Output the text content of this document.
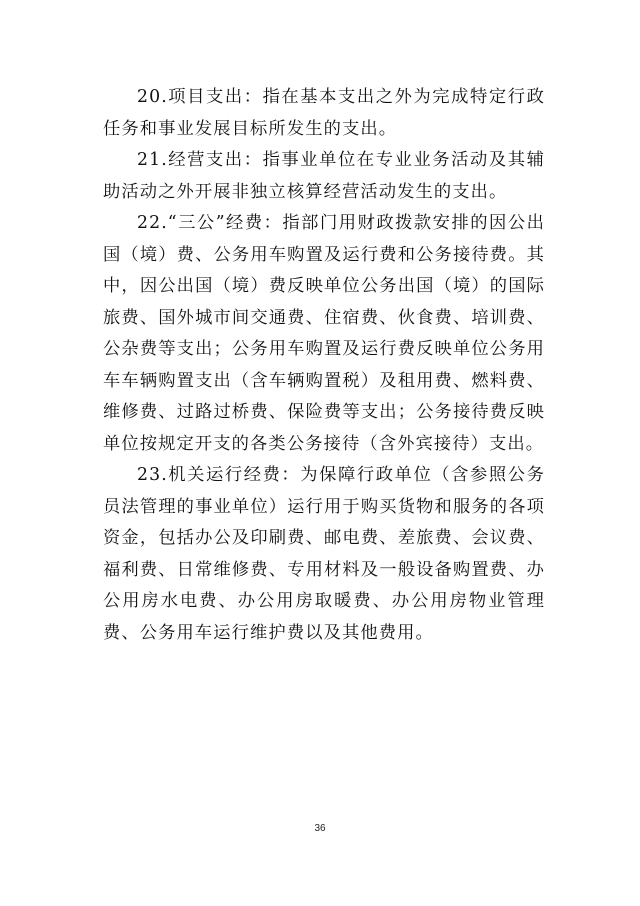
20.项目支出：指在基本支出之外为完成特定行政任务和事业发展目标所发生的支出。

21.经营支出：指事业单位在专业业务活动及其辅助活动之外开展非独立核算经营活动发生的支出。

22.“三公”经费：指部门用财政拨款安排的因公出国（境）费、公务用车购置及运行费和公务接待费。其中，因公出国（境）费反映单位公务出国（境）的国际旅费、国外城市间交通费、住宿费、伙食费、培训费、公杂费等支出；公务用车购置及运行费反映单位公务用车车辆购置支出（含车辆购置税）及租用费、燃料费、维修费、过路过桥费、保险费等支出；公务接待费反映单位按规定开支的各类公务接待（含外宾接待）支出。

23.机关运行经费：为保障行政单位（含参照公务员法管理的事业单位）运行用于购买货物和服务的各项资金，包括办公及印刷费、邮电费、差旅费、会议费、福利费、日常维修费、专用材料及一般设备购置费、办公用房水电费、办公用房取暖费、办公用房物业管理费、公务用车运行维护费以及其他费用。

36
